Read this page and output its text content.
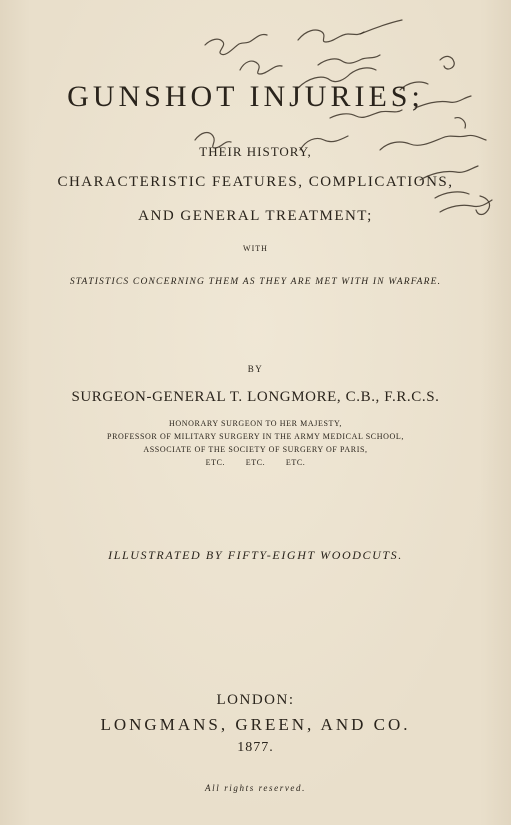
GUNSHOT INJURIES;

THEIR HISTORY,

CHARACTERISTIC FEATURES, COMPLICATIONS,

AND GENERAL TREATMENT;

WITH

STATISTICS CONCERNING THEM AS THEY ARE MET WITH IN WARFARE.

BY

SURGEON-GENERAL T. LONGMORE, C.B., F.R.C.S.

HONORARY SURGEON TO HER MAJESTY,

PROFESSOR OF MILITARY SURGERY IN THE ARMY MEDICAL SCHOOL,

ASSOCIATE OF THE SOCIETY OF SURGERY OF PARIS,

ETC. ETC. ETC.

ILLUSTRATED BY FIFTY-EIGHT WOODCUTS.

LONDON:

LONGMANS, GREEN, AND CO.

1877.

All rights reserved.
